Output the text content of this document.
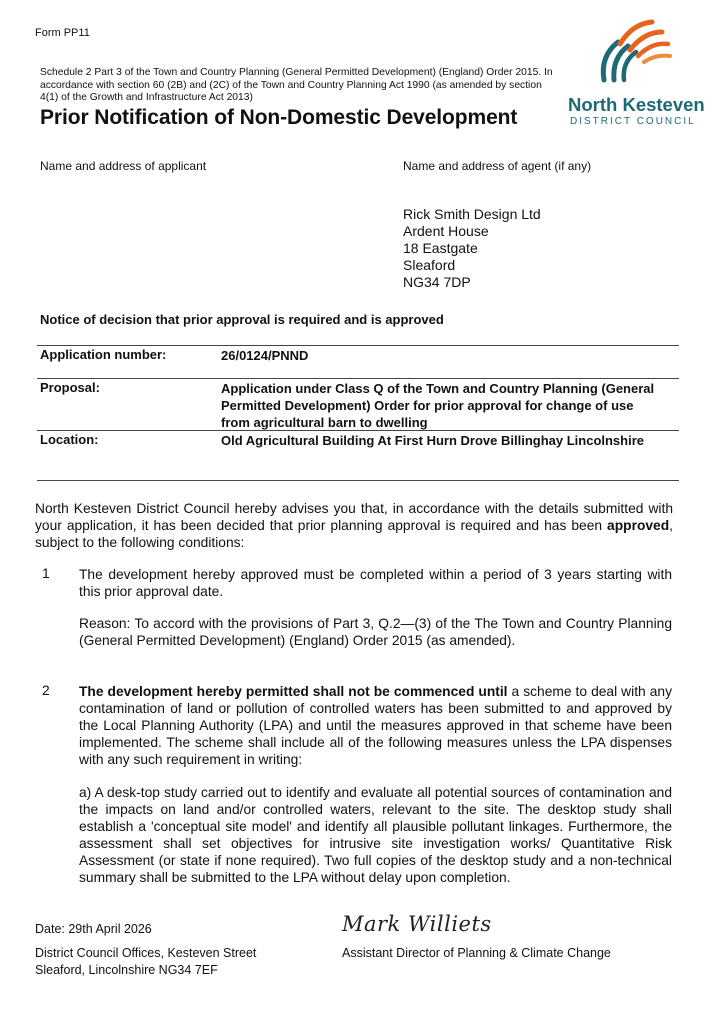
Form PP11
Schedule 2 Part 3 of the Town and Country Planning (General Permitted Development) (England) Order 2015. In accordance with section 60 (2B) and (2C) of the Town and Country Planning Act 1990 (as amended by section 4(1) of the Growth and Infrastructure Act 2013)
Prior Notification of Non-Domestic Development
North Kesteven
DISTRICT COUNCIL
Name and address of applicant	Name and address of agent (if any)
Rick Smith Design Ltd
Ardent House
18 Eastgate
Sleaford
NG34 7DP
Notice of decision that prior approval is required and is approved
Application number:	26/0124/PNND
Proposal:	Application under Class Q of the Town and Country Planning (General Permitted Development) Order for prior approval for change of use from agricultural barn to dwelling
Location:	Old Agricultural Building At First Hurn Drove Billinghay Lincolnshire
North Kesteven District Council hereby advises you that, in accordance with the details submitted with your application, it has been decided that prior planning approval is required and has been approved, subject to the following conditions:
1 The development hereby approved must be completed within a period of 3 years starting with this prior approval date.
Reason: To accord with the provisions of Part 3, Q.2—(3) of the The Town and Country Planning (General Permitted Development) (England) Order 2015 (as amended).
2 The development hereby permitted shall not be commenced until a scheme to deal with any contamination of land or pollution of controlled waters has been submitted to and approved by the Local Planning Authority (LPA) and until the measures approved in that scheme have been implemented. The scheme shall include all of the following measures unless the LPA dispenses with any such requirement in writing:
a) A desk-top study carried out to identify and evaluate all potential sources of contamination and the impacts on land and/or controlled waters, relevant to the site. The desktop study shall establish a 'conceptual site model' and identify all plausible pollutant linkages. Furthermore, the assessment shall set objectives for intrusive site investigation works/ Quantitative Risk Assessment (or state if none required). Two full copies of the desktop study and a non-technical summary shall be submitted to the LPA without delay upon completion.
Date: 29th April 2026
District Council Offices, Kesteven Street
Sleaford, Lincolnshire NG34 7EF
Mark Williets
Assistant Director of Planning & Climate Change
